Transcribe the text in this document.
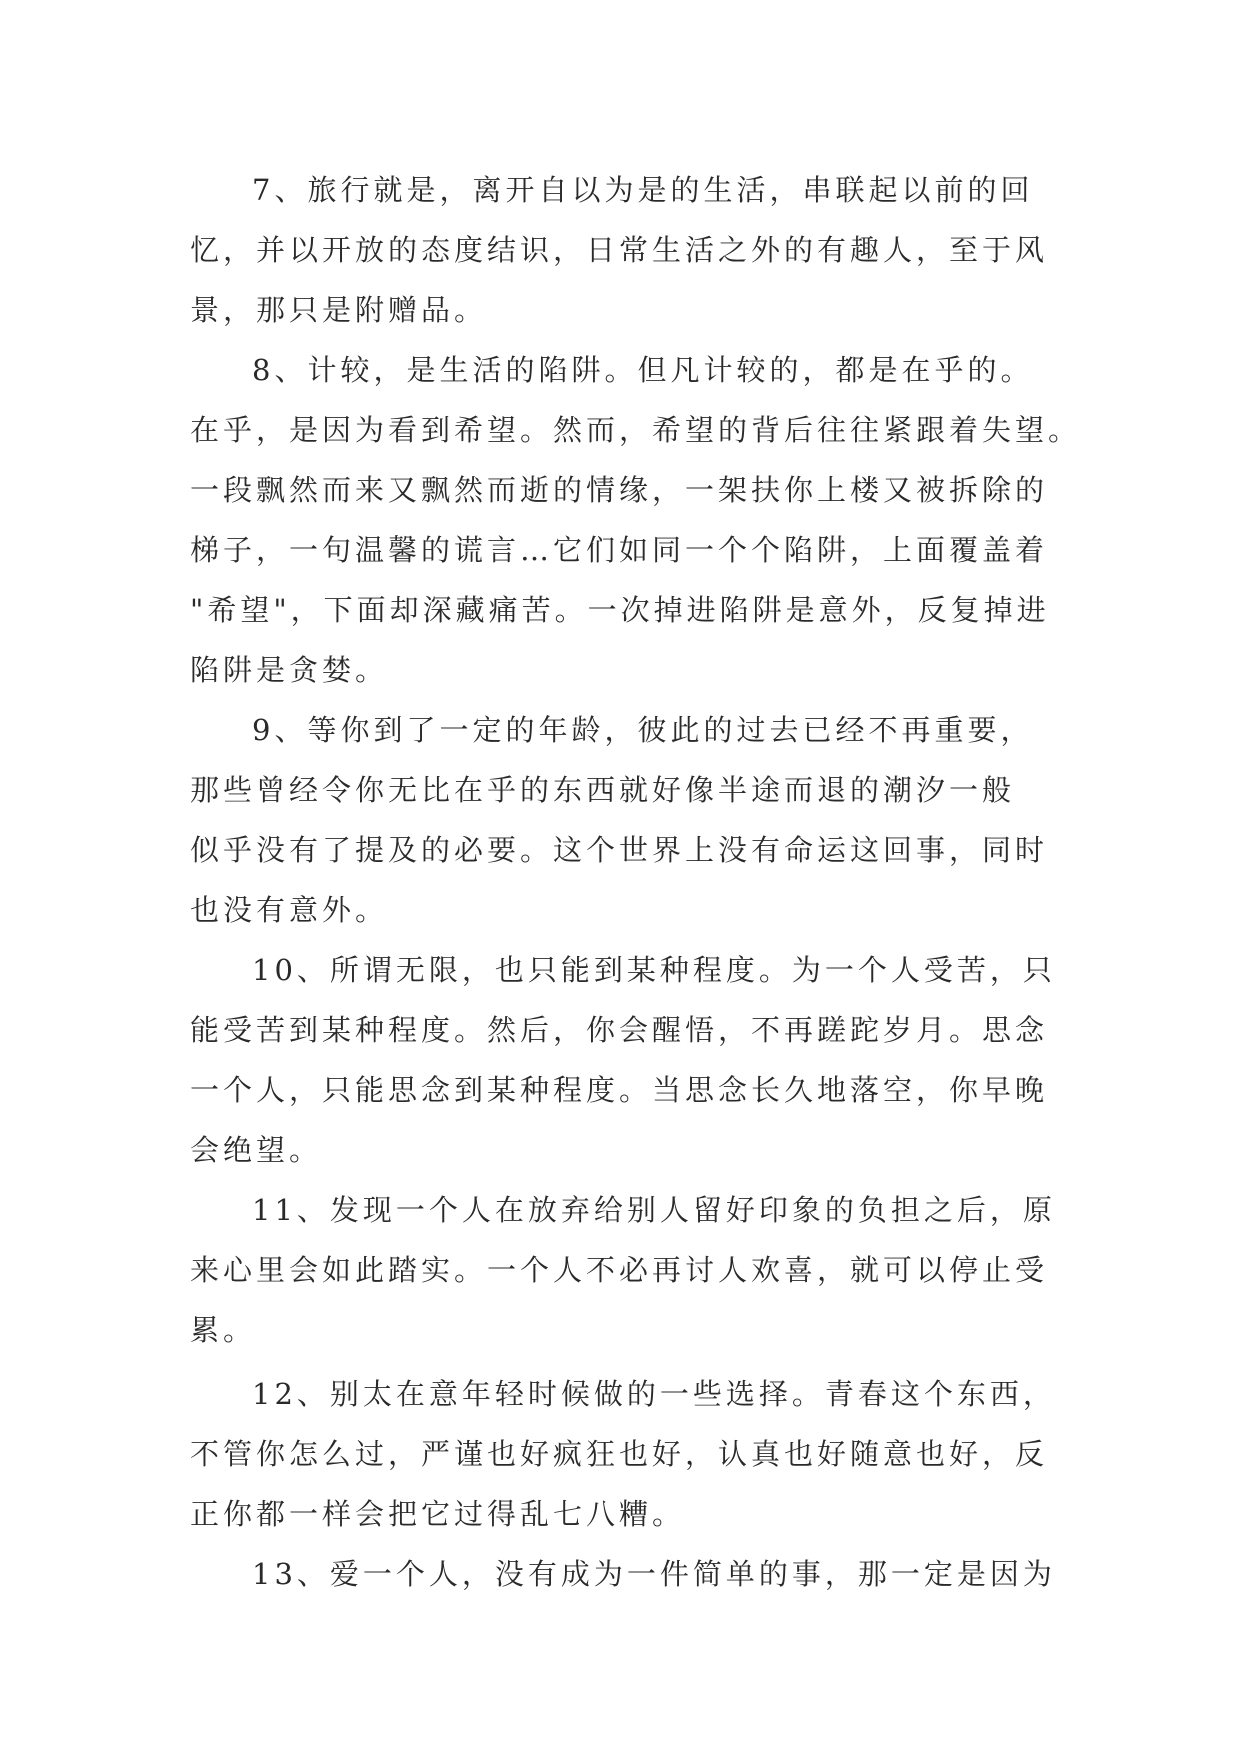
7、旅行就是，离开自以为是的生活，串联起以前的回
忆，并以开放的态度结识，日常生活之外的有趣人，至于风
景，那只是附赠品。
8、计较，是生活的陷阱。但凡计较的，都是在乎的。
在乎，是因为看到希望。然而，希望的背后往往紧跟着失望。
一段飘然而来又飘然而逝的情缘，一架扶你上楼又被拆除的
梯子，一句温馨的谎言…它们如同一个个陷阱，上面覆盖着
"希望"，下面却深藏痛苦。一次掉进陷阱是意外，反复掉进
陷阱是贪婪。
9、等你到了一定的年龄，彼此的过去已经不再重要，
那些曾经令你无比在乎的东西就好像半途而退的潮汐一般
似乎没有了提及的必要。这个世界上没有命运这回事，同时
也没有意外。
10、所谓无限，也只能到某种程度。为一个人受苦，只
能受苦到某种程度。然后，你会醒悟，不再蹉跎岁月。思念
一个人，只能思念到某种程度。当思念长久地落空，你早晚
会绝望。
11、发现一个人在放弃给别人留好印象的负担之后，原
来心里会如此踏实。一个人不必再讨人欢喜，就可以停止受
累。
12、别太在意年轻时候做的一些选择。青春这个东西，
不管你怎么过，严谨也好疯狂也好，认真也好随意也好，反
正你都一样会把它过得乱七八糟。
13、爱一个人，没有成为一件简单的事，那一定是因为
